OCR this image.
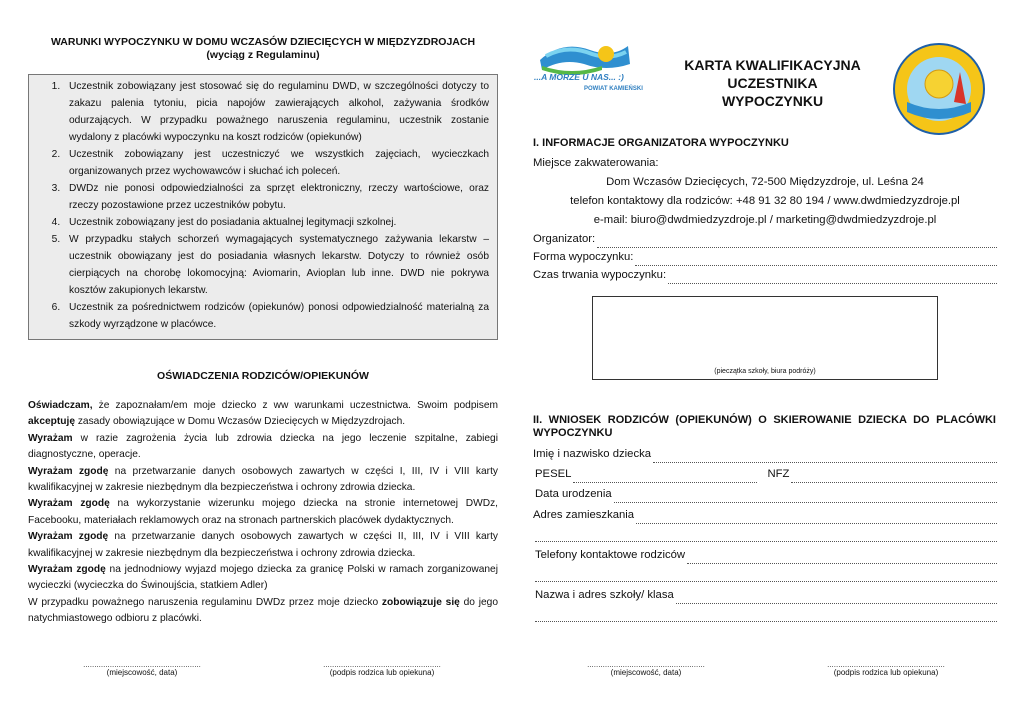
WARUNKI WYPOCZYNKU W DOMU WCZASÓW DZIECIĘCYCH W MIĘDZYZDROJACH
(wyciąg z Regulaminu)
1. Uczestnik zobowiązany jest stosować się do regulaminu DWD, w szczególności dotyczy to zakazu palenia tytoniu, picia napojów zawierających alkohol, zażywania środków odurzających. W przypadku poważnego naruszenia regulaminu, uczestnik zostanie wydalony z placówki wypoczynku na koszt rodziców (opiekunów)
2. Uczestnik zobowiązany jest uczestniczyć we wszystkich zajęciach, wycieczkach organizowanych przez wychowawców i słuchać ich poleceń.
3. DWDz nie ponosi odpowiedzialności za sprzęt elektroniczny, rzeczy wartościowe, oraz rzeczy pozostawione przez uczestników pobytu.
4. Uczestnik zobowiązany jest do posiadania aktualnej legitymacji szkolnej.
5. W przypadku stałych schorzeń wymagających systematycznego zażywania lekarstw – uczestnik obowiązany jest do posiadania własnych lekarstw. Dotyczy to również osób cierpiących na chorobę lokomocyjną: Aviomarin, Avioplan lub inne. DWD nie pokrywa kosztów zakupionych lekarstw.
6. Uczestnik za pośrednictwem rodziców (opiekunów) ponosi odpowiedzialność materialną za szkody wyrządzone w placówce.
OŚWIADCZENIA RODZICÓW/OPIEKUNÓW

Oświadczam, że zapoznałam/em moje dziecko z ww warunkami uczestnictwa. Swoim podpisem akceptuję zasady obowiązujące w Domu Wczasów Dziecięcych w Międzyzdrojach.

Wyrażam w razie zagrożenia życia lub zdrowia dziecka na jego leczenie szpitalne, zabiegi diagnostyczne, operacje.

Wyrażam zgodę na przetwarzanie danych osobowych zawartych w części I, III, IV i VIII karty kwalifikacyjnej w zakresie niezbędnym dla bezpieczeństwa i ochrony zdrowia dziecka.

Wyrażam zgodę na wykorzystanie wizerunku mojego dziecka na stronie internetowej DWDz, Facebooku, materiałach reklamowych oraz na stronach partnerskich placówek dydaktycznych.

Wyrażam zgodę na przetwarzanie danych osobowych zawartych w części II, III, IV i VIII karty kwalifikacyjnej w zakresie niezbędnym dla bezpieczeństwa i ochrony zdrowia dziecka.

Wyrażam zgodę na jednodniowy wyjazd mojego dziecka za granicę Polski w ramach zorganizowanej wycieczki (wycieczka do Świnoujścia, statkiem Adler)

W przypadku poważnego naruszenia regulaminu DWDz przez moje dziecko zobowiązuje się do jego natychmiastowego odbioru z placówki.

.....................................................
(miejscowość, data)
.....................................................
(podpis rodzica lub opiekuna)
...A MORZE U NAS... :)
POWIAT KAMIEŃSKI
KARTA KWALIFIKACYJNA
UCZESTNIKA
WYPOCZYNKU
I. INFORMACJE ORGANIZATORA WYPOCZYNKU
Miejsce zakwaterowania:
Dom Wczasów Dziecięcych, 72-500 Międzyzdroje, ul. Leśna 24
telefon kontaktowy dla rodziców: +48 91 32 80 194 / www.dwdmiedzyzdroje.pl
e-mail: biuro@dwdmiedzyzdroje.pl / marketing@dwdmiedzyzdroje.pl
Organizator:
Forma wypoczynku:
Czas trwania wypoczynku:
(pieczątka szkoły, biura podróży)
II. WNIOSEK RODZICÓW (OPIEKUNÓW) O SKIEROWANIE DZIECKA DO PLACÓWKI WYPOCZYNKU
Imię i nazwisko dziecka
PESEL	NFZ
Data urodzenia
Adres zamieszkania
Telefony kontaktowe rodziców
Nazwa i adres szkoły/ klasa
.....................................................
(miejscowość, data)
.....................................................
(podpis rodzica lub opiekuna)
